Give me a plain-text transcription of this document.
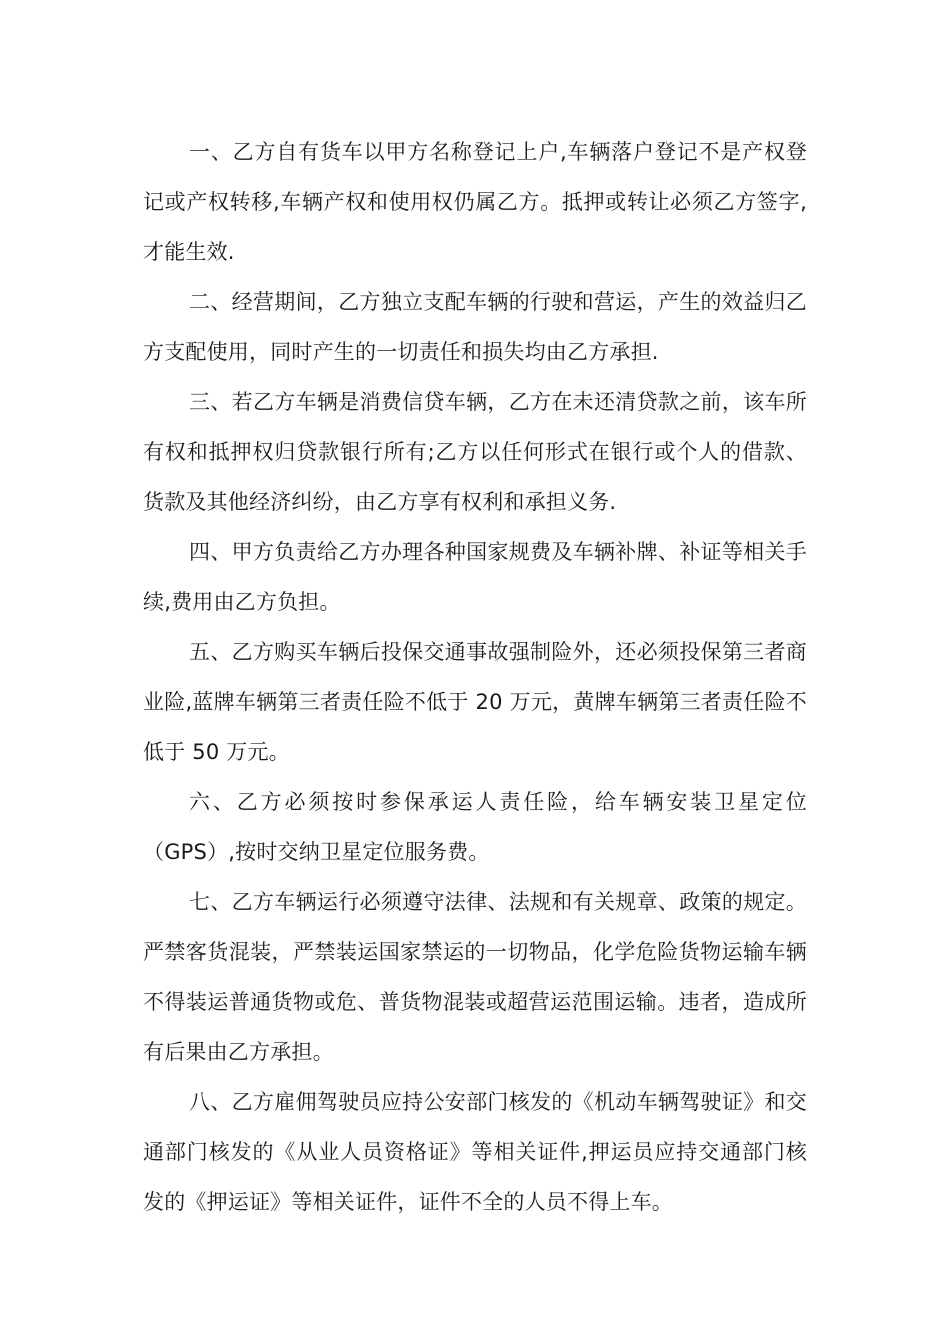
一、乙方自有货车以甲方名称登记上户,车辆落户登记不是产权登记或产权转移,车辆产权和使用权仍属乙方。抵押或转让必须乙方签字,才能生效.

二、经营期间，乙方独立支配车辆的行驶和营运，产生的效益归乙方支配使用，同时产生的一切责任和损失均由乙方承担.

三、若乙方车辆是消费信贷车辆，乙方在未还清贷款之前，该车所有权和抵押权归贷款银行所有;乙方以任何形式在银行或个人的借款、货款及其他经济纠纷，由乙方享有权利和承担义务.

四、甲方负责给乙方办理各种国家规费及车辆补牌、补证等相关手续,费用由乙方负担。

五、乙方购买车辆后投保交通事故强制险外，还必须投保第三者商业险,蓝牌车辆第三者责任险不低于 20 万元，黄牌车辆第三者责任险不低于 50 万元。

六、乙方必须按时参保承运人责任险，给车辆安装卫星定位（GPS）,按时交纳卫星定位服务费。

七、乙方车辆运行必须遵守法律、法规和有关规章、政策的规定。严禁客货混装，严禁装运国家禁运的一切物品，化学危险货物运输车辆不得装运普通货物或危、普货物混装或超营运范围运输。违者，造成所有后果由乙方承担。

八、乙方雇佣驾驶员应持公安部门核发的《机动车辆驾驶证》和交通部门核发的《从业人员资格证》等相关证件,押运员应持交通部门核发的《押运证》等相关证件，证件不全的人员不得上车。
